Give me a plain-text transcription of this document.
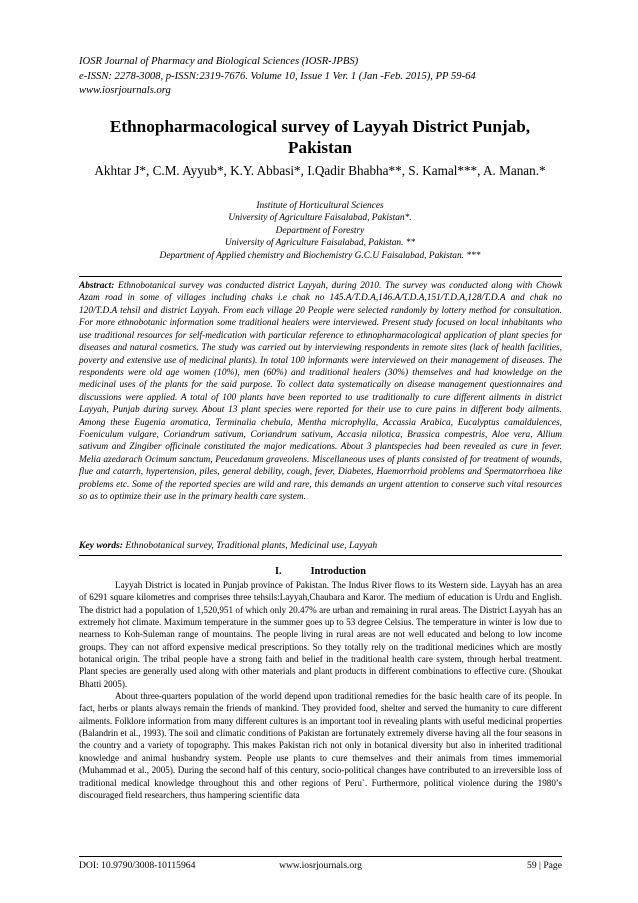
IOSR Journal of Pharmacy and Biological Sciences (IOSR-JPBS)
e-ISSN: 2278-3008, p-ISSN:2319-7676. Volume 10, Issue 1 Ver. 1 (Jan -Feb. 2015), PP 59-64
www.iosrjournals.org
Ethnopharmacological survey of Layyah District Punjab, Pakistan
Akhtar J*, C.M. Ayyub*, K.Y. Abbasi*, I.Qadir Bhabha**, S. Kamal***, A. Manan.*
Institute of Horticultural Sciences
University of Agriculture Faisalabad, Pakistan*.
Department of Forestry
University of Agriculture Faisalabad, Pakistan. **
Department of Applied chemistry and Biochemistry G.C.U Faisalabad, Pakistan. ***
Abstract: Ethnobotanical survey was conducted district Layyah, during 2010. The survey was conducted along with Chowk Azam road in some of villages including chaks i.e chak no 145.A/T.D.A,146.A/T.D.A,151/T.D.A,128/T.D.A and chak no 120/T.D.A tehsil and district Layyah. From each village 20 People were selected randomly by lottery method for consultation. For more ethnobotanic information some traditional healers were interviewed. Present study focused on local inhabitants who use traditional resources for self-medication with particular reference to ethnopharmacological application of plant species for diseases and natural cosmetics. The study was carried out by interviewing respondents in remote sites (lack of health facilities, poverty and extensive use of medicinal plants). In total 100 informants were interviewed on their management of diseases. The respondents were old age women (10%), men (60%) and traditional healers (30%) themselves and had knowledge on the medicinal uses of the plants for the said purpose. To collect data systematically on disease management questionnaires and discussions were applied. A total of 100 plants have been reported to use traditionally to cure different ailments in district Layyah, Punjab during survey. About 13 plant species were reported for their use to cure pains in different body ailments. Among these Eugenia aromatica, Terminalia chebula, Mentha microphylla, Accassia Arabica, Eucalyptus camaldulences, Foeniculum vulgare, Coriandrum sativum, Coriandrum sativum, Accasia nilotica, Brassica compestris, Aloe vera, Allium sativum and Zingiber officinale constituted the major medications. About 3 plantspecies had been revealed as cure in fever. Melia azedarach Ocimum sanctum, Peucedanum graveolens. Miscellaneous uses of plants consisted of for treatment of wounds, flue and catarrh, hypertension, piles, general debility, cough, fever, Diabetes, Haemorrhoid problems and Spermatorrhoea like problems etc. Some of the reported species are wild and rare, this demands an urgent attention to conserve such vital resources so as to optimize their use in the primary health care system.
Key words: Ethnobotanical survey, Traditional plants, Medicinal use, Layyah
I.	Introduction

Layyah District is located in Punjab province of Pakistan. The Indus River flows to its Western side. Layyah has an area of 6291 square kilometres and comprises three tehsils:Layyah,Chaubara and Karor. The medium of education is Urdu and English. The district had a population of 1,520,951 of which only 20.47% are urban and remaining in rural areas. The District Layyah has an extremely hot climate. Maximum temperature in the summer goes up to 53 degree Celsius. The temperature in winter is low due to nearness to Koh-Suleman range of mountains. The people living in rural areas are not well educated and belong to low income groups. They can not afford expensive medical prescriptions. So they totally rely on the traditional medicines which are mostly botanical origin. The tribal people have a strong faith and belief in the traditional health care system, through herbal treatment. Plant species are generally used along with other materials and plant products in different combinations to effective cure. (Shoukat Bhatti 2005).

About three-quarters population of the world depend upon traditional remedies for the basic health care of its people. In fact, herbs or plants always remain the friends of mankind. They provided food, shelter and served the humanity to cure different ailments. Folklore information from many different cultures is an important tool in revealing plants with useful medicinal properties (Balandrin et al., 1993). The soil and climatic conditions of Pakistan are fortunately extremely diverse having all the four seasons in the country and a variety of topography. This makes Pakistan rich not only in botanical diversity but also in inherited traditional knowledge and animal husbandry system. People use plants to cure themselves and their animals from times immemorial (Muhammad et al., 2005). During the second half of this century, socio-political changes have contributed to an irreversible loss of traditional medical knowledge throughout this and other regions of Peru`. Furthermore, political violence during the 1980’s discouraged field researchers, thus hampering scientific data

DOI: 10.9790/3008-10115964	www.iosrjournals.org	59 | Page
